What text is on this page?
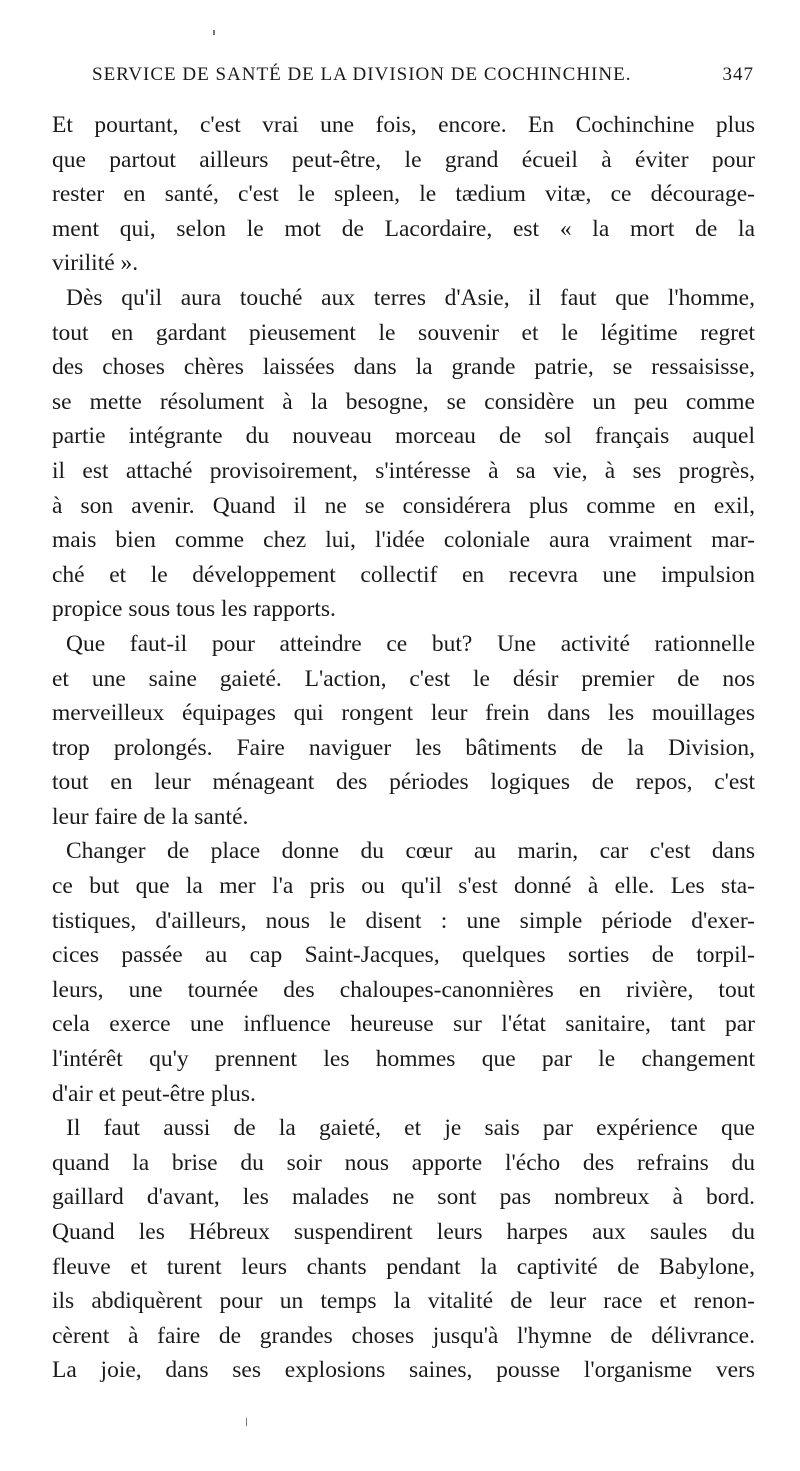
SERVICE DE SANTÉ DE LA DIVISION DE COCHINCHINE.	347
Et pourtant, c'est vrai une fois, encore. En Cochinchine plus
que partout ailleurs peut-être, le grand écueil à éviter pour
rester en santé, c'est le spleen, le tædium vitæ, ce décourage-
ment qui, selon le mot de Lacordaire, est « la mort de la
virilité ».
Dès qu'il aura touché aux terres d'Asie, il faut que l'homme,
tout en gardant pieusement le souvenir et le légitime regret
des choses chères laissées dans la grande patrie, se ressaisisse,
se mette résolument à la besogne, se considère un peu comme
partie intégrante du nouveau morceau de sol français auquel
il est attaché provisoirement, s'intéresse à sa vie, à ses progrès,
à son avenir. Quand il ne se considérera plus comme en exil,
mais bien comme chez lui, l'idée coloniale aura vraiment mar-
ché et le développement collectif en recevra une impulsion
propice sous tous les rapports.
Que faut-il pour atteindre ce but? Une activité rationnelle
et une saine gaieté. L'action, c'est le désir premier de nos
merveilleux équipages qui rongent leur frein dans les mouillages
trop prolongés. Faire naviguer les bâtiments de la Division,
tout en leur ménageant des périodes logiques de repos, c'est
leur faire de la santé.
Changer de place donne du cœur au marin, car c'est dans
ce but que la mer l'a pris ou qu'il s'est donné à elle. Les sta-
tistiques, d'ailleurs, nous le disent : une simple période d'exer-
cices passée au cap Saint-Jacques, quelques sorties de torpil-
leurs, une tournée des chaloupes-canonnières en rivière, tout
cela exerce une influence heureuse sur l'état sanitaire, tant par
l'intérêt qu'y prennent les hommes que par le changement
d'air et peut-être plus.
Il faut aussi de la gaieté, et je sais par expérience que
quand la brise du soir nous apporte l'écho des refrains du
gaillard d'avant, les malades ne sont pas nombreux à bord.
Quand les Hébreux suspendirent leurs harpes aux saules du
fleuve et turent leurs chants pendant la captivité de Babylone,
ils abdiquèrent pour un temps la vitalité de leur race et renon-
cèrent à faire de grandes choses jusqu'à l'hymne de délivrance.
La joie, dans ses explosions saines, pousse l'organisme vers
